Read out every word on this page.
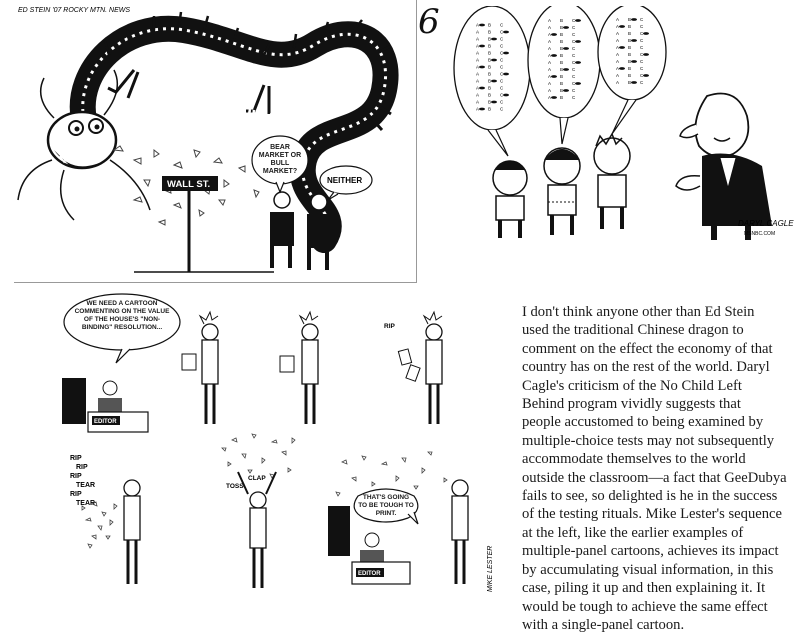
ED STEIN '07 ROCKY MTN. NEWS
CHINA
WALL ST.
BEAR MARKET OR BULL MARKET?
NEITHER
6	A B C
A B C
A B C
A B C
A B C
A B C
A B C
A B C
A B C
A B C
A B C
A B C
A B C
A B C
A B C
A B C
A B C
A B C
A B C
A B C
A B C
A B C
A B C
A B C
A B C
A B C
A B C
A B C
A B C
A B C
A B C
A B C
A B C
A B C
A B C
DARYL CAGLE
MSNBC.COM
WE NEED A CARTOON COMMENTING ON THE VALUE OF THE HOUSE'S "NON-BINDING" RESOLUTION...
EDITOR
RIP
RIP
RIP
RIP
TEAR
RIP
TEAR
CLAP
TOSS
THAT'S GOING TO BE TOUGH TO PRINT.
EDITOR	MIKE LESTER

I don't think anyone other than Ed Stein
used the traditional Chinese dragon to
comment on the effect the economy of that
country has on the rest of the world. Daryl
Cagle's criticism of the No Child Left
Behind program vividly suggests that
people accustomed to being examined by
multiple-choice tests may not subsequently
accommodate themselves to the world
outside the classroom—a fact that GeeDubya
fails to see, so delighted is he in the success
of the testing rituals. Mike Lester's sequence
at the left, like the earlier examples of
multiple-panel cartoons, achieves its impact
by accumulating visual information, in this
case, piling it up and then explaining it. It
would be tough to achieve the same effect
with a single-panel cartoon.
